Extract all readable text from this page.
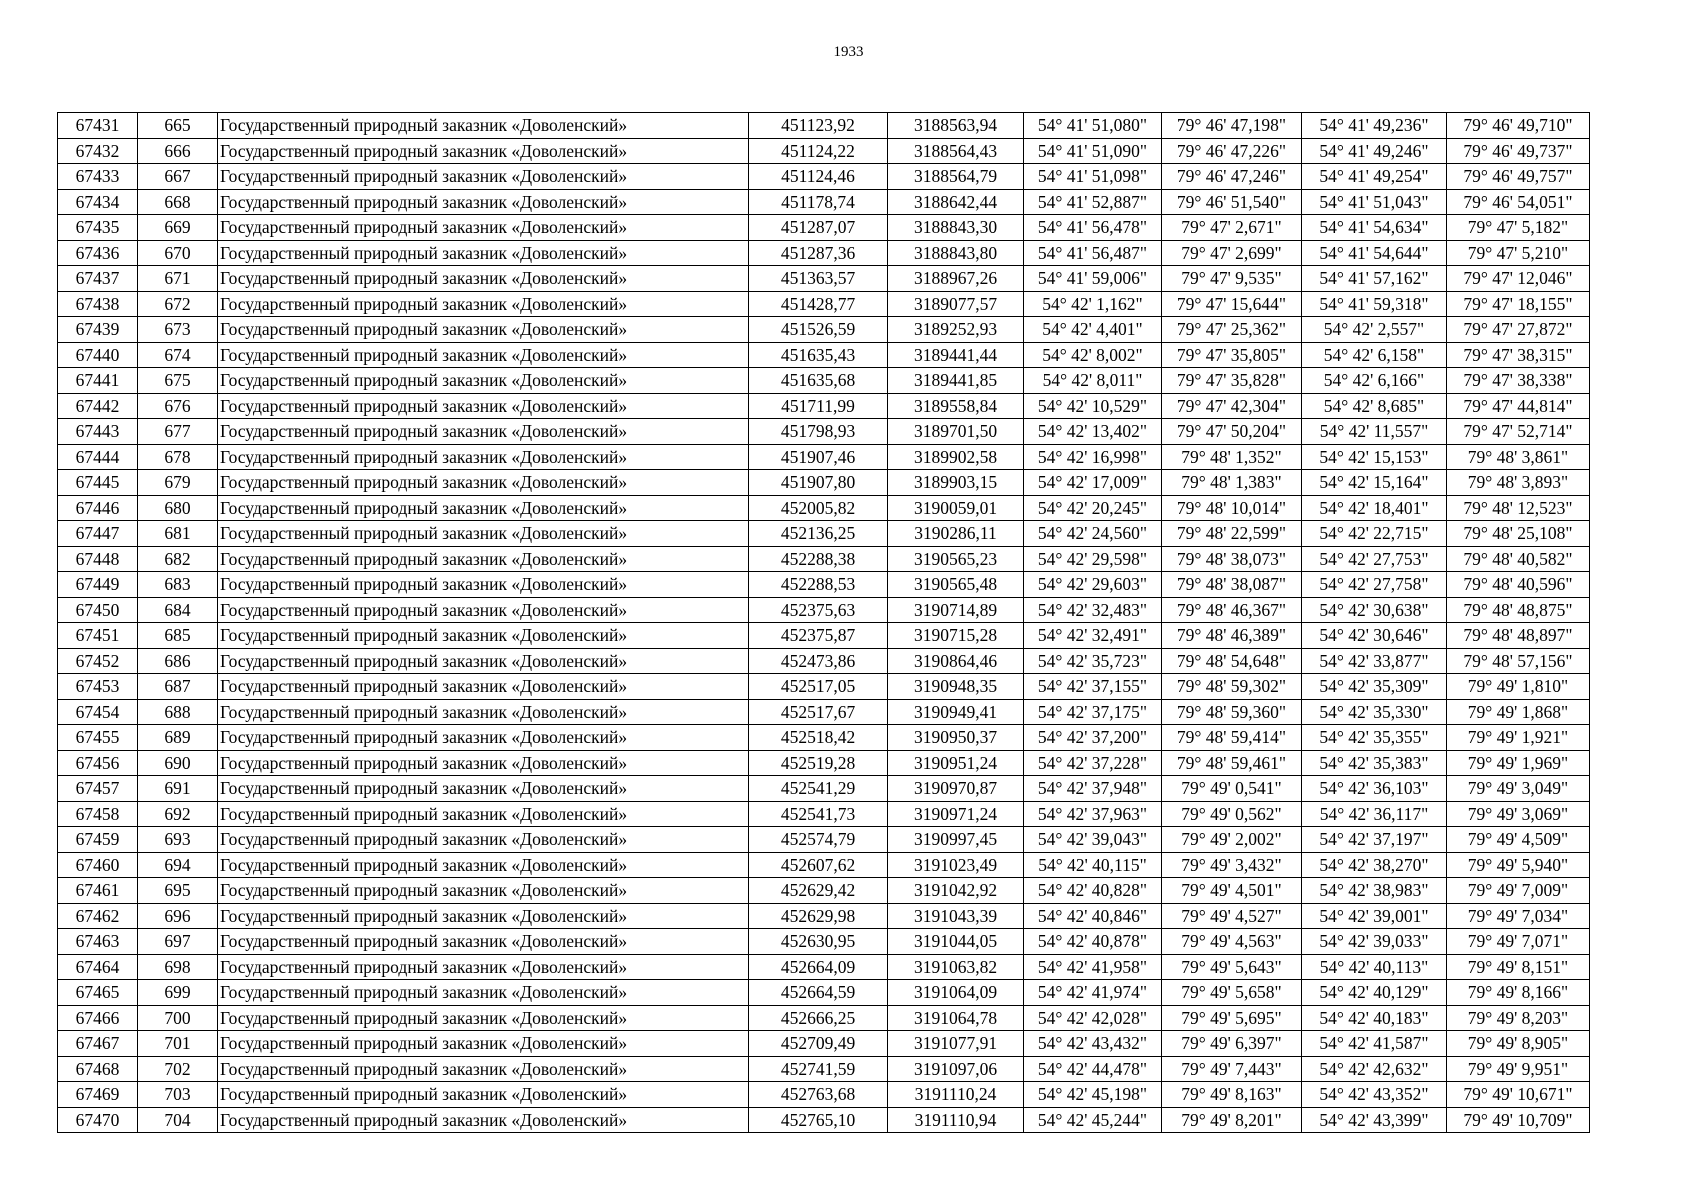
1933
67431	665	Государственный природный заказник «Доволенский»	451123,92	3188563,94	54° 41' 51,080"	79° 46' 47,198"	54° 41' 49,236"	79° 46' 49,710"
67432	666	Государственный природный заказник «Доволенский»	451124,22	3188564,43	54° 41' 51,090"	79° 46' 47,226"	54° 41' 49,246"	79° 46' 49,737"
67433	667	Государственный природный заказник «Доволенский»	451124,46	3188564,79	54° 41' 51,098"	79° 46' 47,246"	54° 41' 49,254"	79° 46' 49,757"
67434	668	Государственный природный заказник «Доволенский»	451178,74	3188642,44	54° 41' 52,887"	79° 46' 51,540"	54° 41' 51,043"	79° 46' 54,051"
67435	669	Государственный природный заказник «Доволенский»	451287,07	3188843,30	54° 41' 56,478"	79° 47' 2,671"	54° 41' 54,634"	79° 47' 5,182"
67436	670	Государственный природный заказник «Доволенский»	451287,36	3188843,80	54° 41' 56,487"	79° 47' 2,699"	54° 41' 54,644"	79° 47' 5,210"
67437	671	Государственный природный заказник «Доволенский»	451363,57	3188967,26	54° 41' 59,006"	79° 47' 9,535"	54° 41' 57,162"	79° 47' 12,046"
67438	672	Государственный природный заказник «Доволенский»	451428,77	3189077,57	54° 42' 1,162"	79° 47' 15,644"	54° 41' 59,318"	79° 47' 18,155"
67439	673	Государственный природный заказник «Доволенский»	451526,59	3189252,93	54° 42' 4,401"	79° 47' 25,362"	54° 42' 2,557"	79° 47' 27,872"
67440	674	Государственный природный заказник «Доволенский»	451635,43	3189441,44	54° 42' 8,002"	79° 47' 35,805"	54° 42' 6,158"	79° 47' 38,315"
67441	675	Государственный природный заказник «Доволенский»	451635,68	3189441,85	54° 42' 8,011"	79° 47' 35,828"	54° 42' 6,166"	79° 47' 38,338"
67442	676	Государственный природный заказник «Доволенский»	451711,99	3189558,84	54° 42' 10,529"	79° 47' 42,304"	54° 42' 8,685"	79° 47' 44,814"
67443	677	Государственный природный заказник «Доволенский»	451798,93	3189701,50	54° 42' 13,402"	79° 47' 50,204"	54° 42' 11,557"	79° 47' 52,714"
67444	678	Государственный природный заказник «Доволенский»	451907,46	3189902,58	54° 42' 16,998"	79° 48' 1,352"	54° 42' 15,153"	79° 48' 3,861"
67445	679	Государственный природный заказник «Доволенский»	451907,80	3189903,15	54° 42' 17,009"	79° 48' 1,383"	54° 42' 15,164"	79° 48' 3,893"
67446	680	Государственный природный заказник «Доволенский»	452005,82	3190059,01	54° 42' 20,245"	79° 48' 10,014"	54° 42' 18,401"	79° 48' 12,523"
67447	681	Государственный природный заказник «Доволенский»	452136,25	3190286,11	54° 42' 24,560"	79° 48' 22,599"	54° 42' 22,715"	79° 48' 25,108"
67448	682	Государственный природный заказник «Доволенский»	452288,38	3190565,23	54° 42' 29,598"	79° 48' 38,073"	54° 42' 27,753"	79° 48' 40,582"
67449	683	Государственный природный заказник «Доволенский»	452288,53	3190565,48	54° 42' 29,603"	79° 48' 38,087"	54° 42' 27,758"	79° 48' 40,596"
67450	684	Государственный природный заказник «Доволенский»	452375,63	3190714,89	54° 42' 32,483"	79° 48' 46,367"	54° 42' 30,638"	79° 48' 48,875"
67451	685	Государственный природный заказник «Доволенский»	452375,87	3190715,28	54° 42' 32,491"	79° 48' 46,389"	54° 42' 30,646"	79° 48' 48,897"
67452	686	Государственный природный заказник «Доволенский»	452473,86	3190864,46	54° 42' 35,723"	79° 48' 54,648"	54° 42' 33,877"	79° 48' 57,156"
67453	687	Государственный природный заказник «Доволенский»	452517,05	3190948,35	54° 42' 37,155"	79° 48' 59,302"	54° 42' 35,309"	79° 49' 1,810"
67454	688	Государственный природный заказник «Доволенский»	452517,67	3190949,41	54° 42' 37,175"	79° 48' 59,360"	54° 42' 35,330"	79° 49' 1,868"
67455	689	Государственный природный заказник «Доволенский»	452518,42	3190950,37	54° 42' 37,200"	79° 48' 59,414"	54° 42' 35,355"	79° 49' 1,921"
67456	690	Государственный природный заказник «Доволенский»	452519,28	3190951,24	54° 42' 37,228"	79° 48' 59,461"	54° 42' 35,383"	79° 49' 1,969"
67457	691	Государственный природный заказник «Доволенский»	452541,29	3190970,87	54° 42' 37,948"	79° 49' 0,541"	54° 42' 36,103"	79° 49' 3,049"
67458	692	Государственный природный заказник «Доволенский»	452541,73	3190971,24	54° 42' 37,963"	79° 49' 0,562"	54° 42' 36,117"	79° 49' 3,069"
67459	693	Государственный природный заказник «Доволенский»	452574,79	3190997,45	54° 42' 39,043"	79° 49' 2,002"	54° 42' 37,197"	79° 49' 4,509"
67460	694	Государственный природный заказник «Доволенский»	452607,62	3191023,49	54° 42' 40,115"	79° 49' 3,432"	54° 42' 38,270"	79° 49' 5,940"
67461	695	Государственный природный заказник «Доволенский»	452629,42	3191042,92	54° 42' 40,828"	79° 49' 4,501"	54° 42' 38,983"	79° 49' 7,009"
67462	696	Государственный природный заказник «Доволенский»	452629,98	3191043,39	54° 42' 40,846"	79° 49' 4,527"	54° 42' 39,001"	79° 49' 7,034"
67463	697	Государственный природный заказник «Доволенский»	452630,95	3191044,05	54° 42' 40,878"	79° 49' 4,563"	54° 42' 39,033"	79° 49' 7,071"
67464	698	Государственный природный заказник «Доволенский»	452664,09	3191063,82	54° 42' 41,958"	79° 49' 5,643"	54° 42' 40,113"	79° 49' 8,151"
67465	699	Государственный природный заказник «Доволенский»	452664,59	3191064,09	54° 42' 41,974"	79° 49' 5,658"	54° 42' 40,129"	79° 49' 8,166"
67466	700	Государственный природный заказник «Доволенский»	452666,25	3191064,78	54° 42' 42,028"	79° 49' 5,695"	54° 42' 40,183"	79° 49' 8,203"
67467	701	Государственный природный заказник «Доволенский»	452709,49	3191077,91	54° 42' 43,432"	79° 49' 6,397"	54° 42' 41,587"	79° 49' 8,905"
67468	702	Государственный природный заказник «Доволенский»	452741,59	3191097,06	54° 42' 44,478"	79° 49' 7,443"	54° 42' 42,632"	79° 49' 9,951"
67469	703	Государственный природный заказник «Доволенский»	452763,68	3191110,24	54° 42' 45,198"	79° 49' 8,163"	54° 42' 43,352"	79° 49' 10,671"
67470	704	Государственный природный заказник «Доволенский»	452765,10	3191110,94	54° 42' 45,244"	79° 49' 8,201"	54° 42' 43,399"	79° 49' 10,709"
